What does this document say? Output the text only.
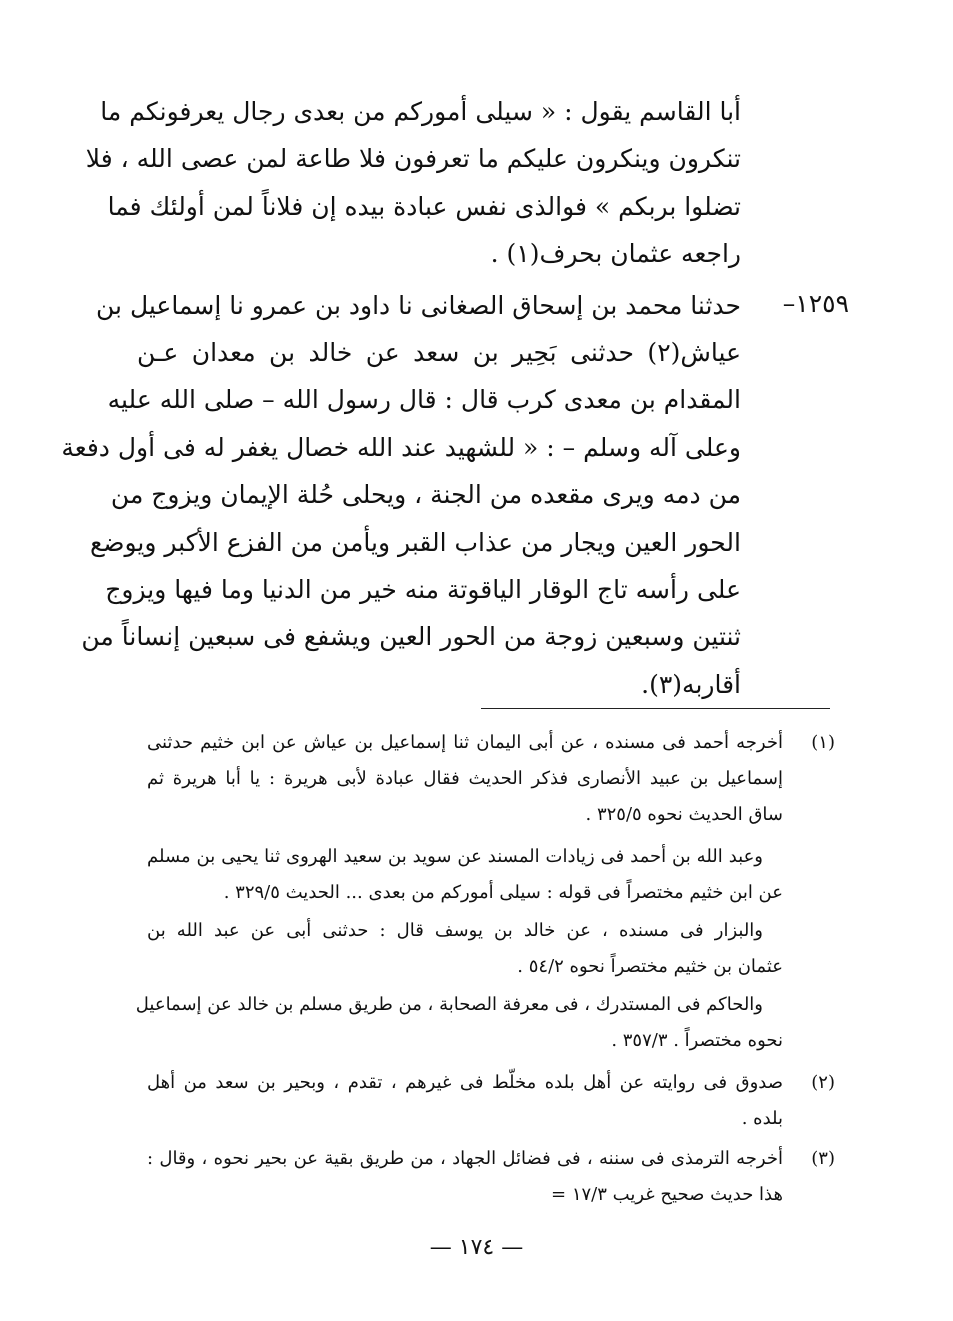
أبا القاسم يقول : « سيلى أموركم من بعدى رجال يعرفونكم ما
تنكرون وينكرون عليكم ما تعرفون فلا طاعة لمن عصى الله ، فلا
تضلوا بربكم » فوالذى نفس عبادة بيده إن فلاناً لمن أولئك فما
راجعه عثمان بحرف(١) .
حدثنا محمد بن إسحاق الصغانى نا داود بن عمرو نا إسماعيل بن
عياش(٢) حدثنى بَحِير بن سعد عن خالد بن معدان عـن
المقدام بن معدى كرب قال : قال رسول الله – صلى الله عليه
وعلى آله وسلم – : « للشهيد عند الله خصال يغفر له فى أول دفعة
من دمه ويرى مقعده من الجنة ، ويحلى حُلة الإيمان ويزوج من
الحور العين ويجار من عذاب القبر ويأمن من الفزع الأكبر ويوضع
على رأسه تاج الوقار الياقوتة منه خير من الدنيا وما فيها ويزوج
ثنتين وسبعين زوجة من الحور العين ويشفع فى سبعين إنساناً من
أقاربه(٣).
١٢٥٩–
(١)
أخرجه أحمد فى مسنده ، عن أبى اليمان ثنا إسماعيل بن عياش عن ابن خثيم حدثنى
إسماعيل بن عبيد الأنصارى فذكر الحديث فقال عبادة لأبى هريرة : يا أبا هريرة ثم
ساق الحديث نحوه ٣٢٥/٥ .
وعبد الله بن أحمد فى زيادات المسند عن سويد بن سعيد الهروى ثنا يحيى بن مسلم
عن ابن خثيم مختصراً فى قوله : سيلى أموركم من بعدى ... الحديث ٣٢٩/٥ .
والبزار فى مسنده ، عن خالد بن يوسف قال : حدثنى أبى عن عبد الله بن
عثمان بن خثيم مختصراً نحوه ٥٤/٢ .
والحاكم فى المستدرك ، فى معرفة الصحابة ، من طريق مسلم بن خالد عن إسماعيل
نحوه مختصراً . ٣٥٧/٣ .
(٢)
صدوق فى روايته عن أهل بلده مخلّط فى غيرهم ، تقدم ، وبحير بن سعد من أهل
بلده .
(٣)
أخرجه الترمذى فى سننه ، فى فضائل الجهاد ، من طريق بقية عن بحير نحوه ، وقال :
هذا حديث صحيح غريب ١٧/٣ =
— ١٧٤ —
